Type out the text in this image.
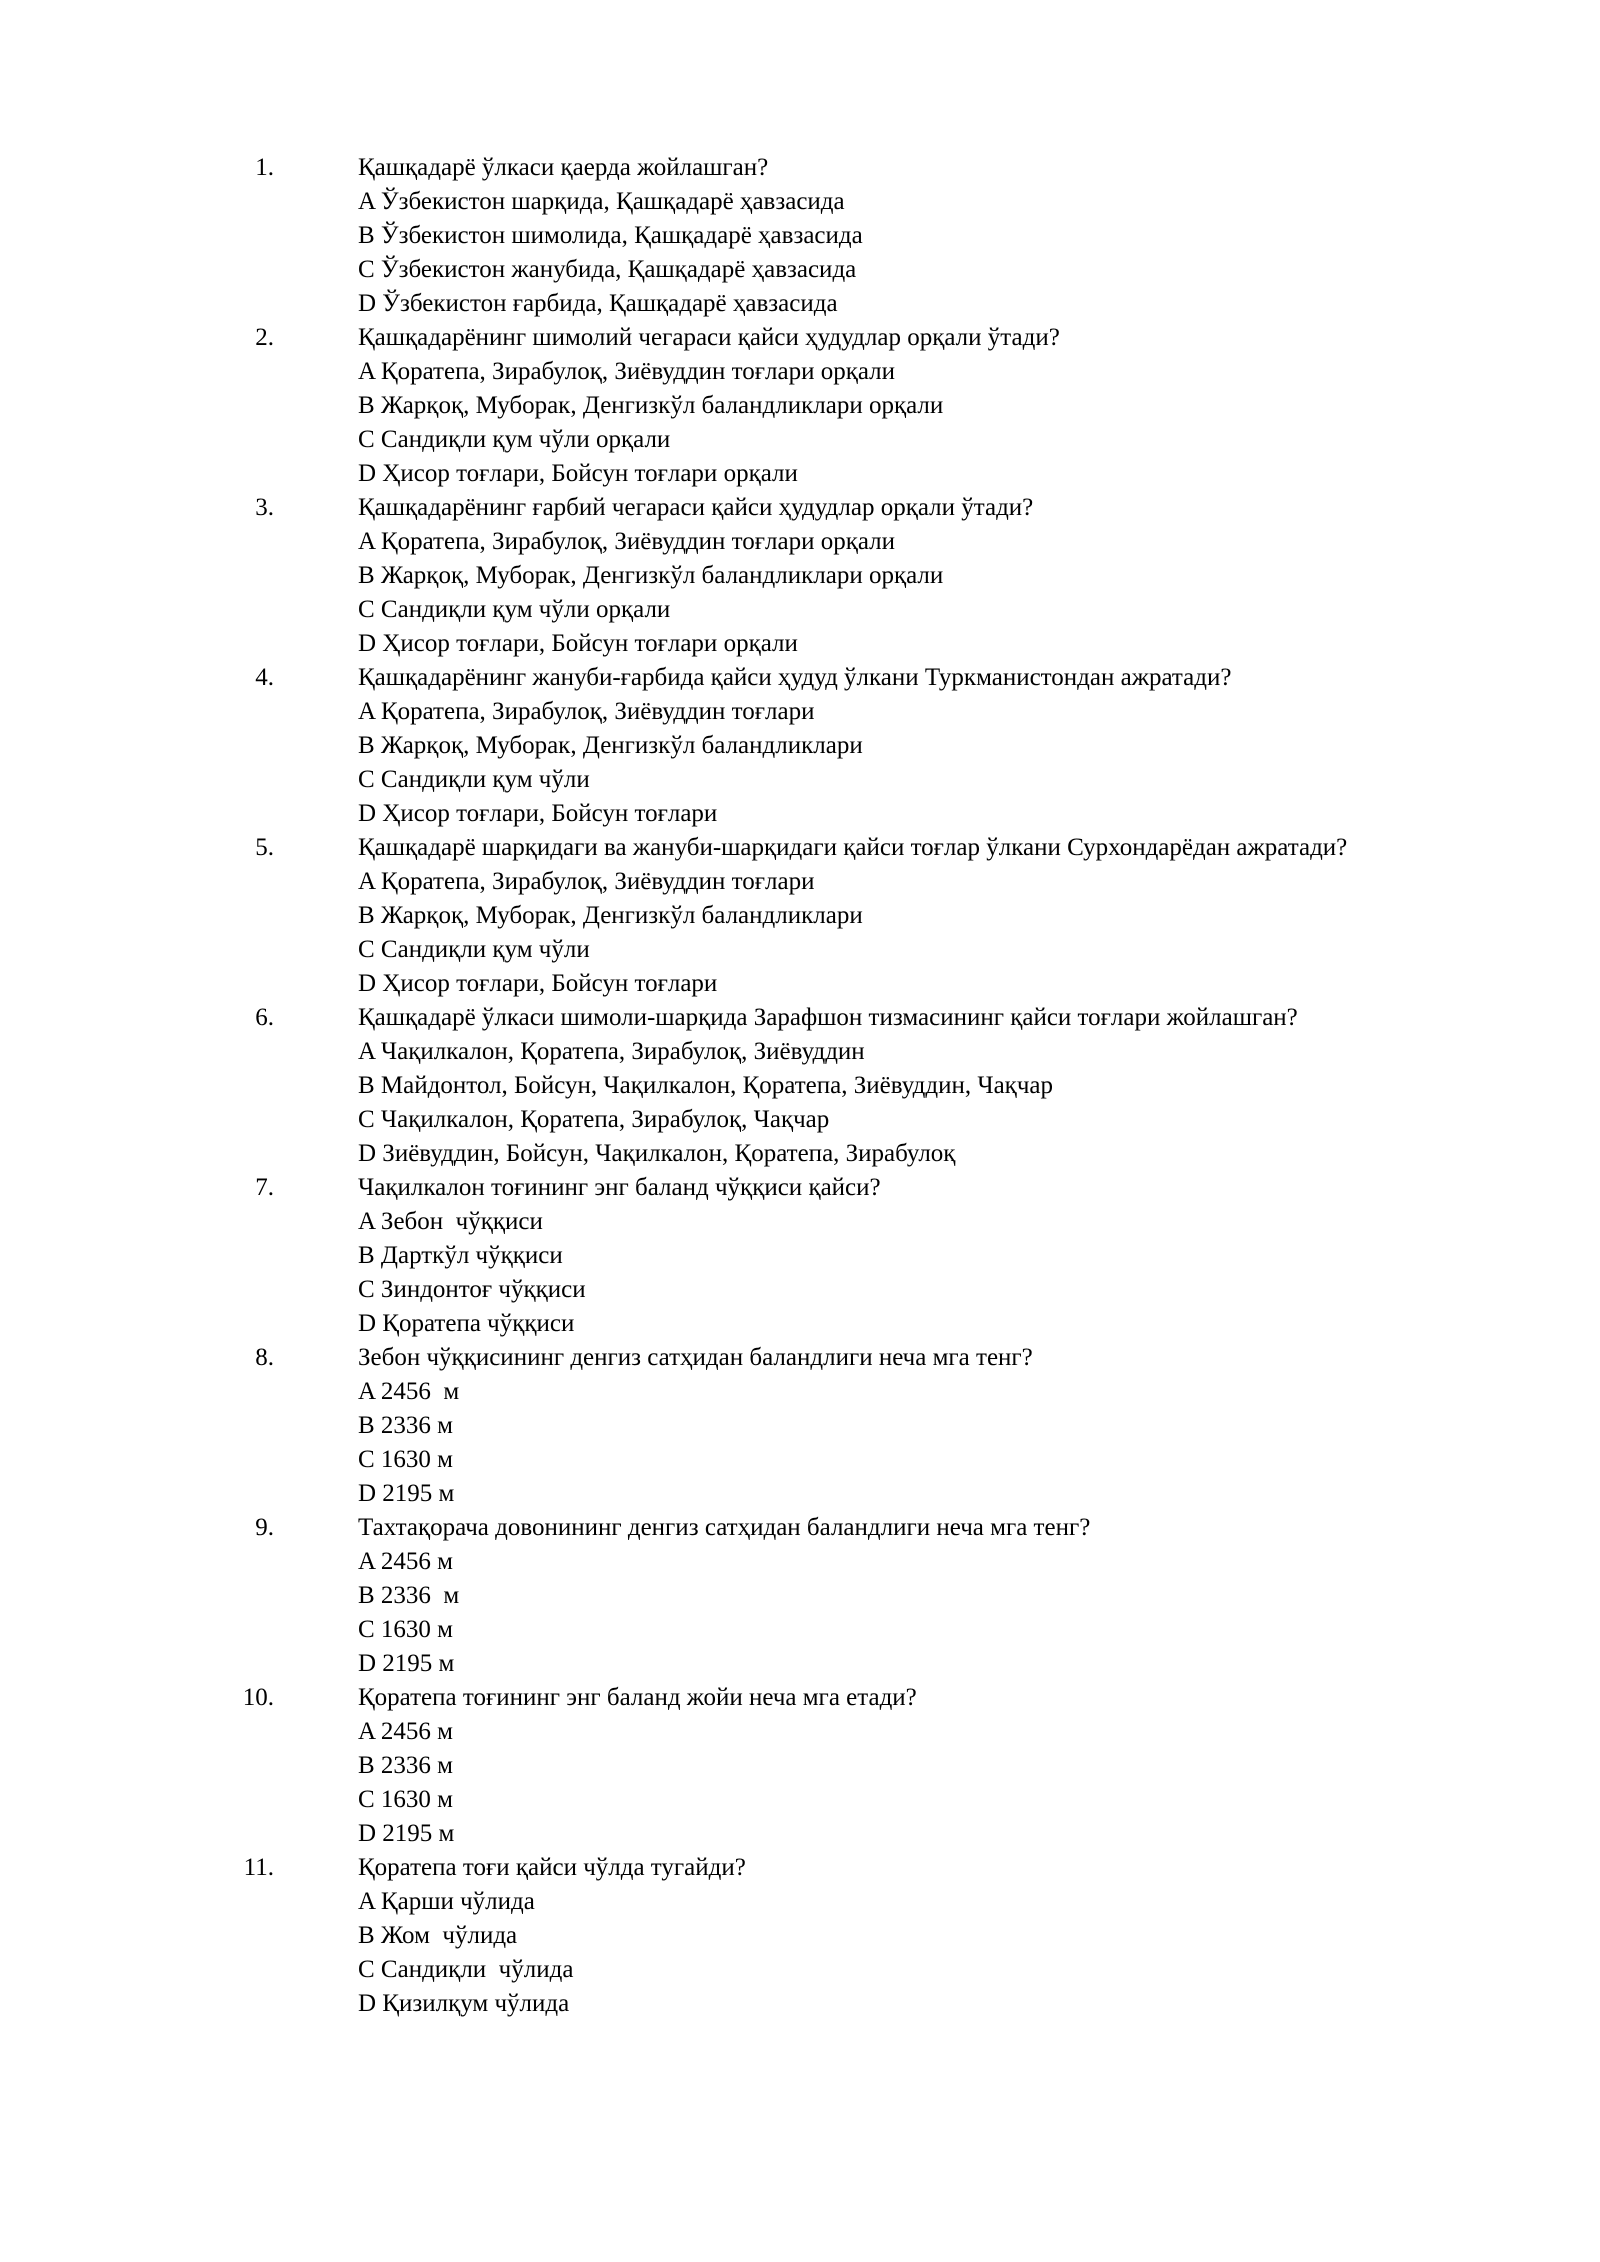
1.	Қашқадарё ўлкаси қаерда жойлашган?
A Ўзбекистон шарқида, Қашқадарё ҳавзасида
B Ўзбекистон шимолида, Қашқадарё ҳавзасида
C Ўзбекистон жанубида, Қашқадарё ҳавзасида
D Ўзбекистон ғарбида, Қашқадарё ҳавзасида
2.	Қашқадарёнинг шимолий чегараси қайси ҳудудлар орқали ўтади?
A Қоратепа, Зирабулоқ, Зиёвуддин тоғлари орқали
B Жарқоқ, Муборак, Денгизкўл баландликлари орқали
C Сандиқли қум чўли орқали
D Ҳисор тоғлари, Бойсун тоғлари орқали
3.	Қашқадарёнинг ғарбий чегараси қайси ҳудудлар орқали ўтади?
A Қоратепа, Зирабулоқ, Зиёвуддин тоғлари орқали
B Жарқоқ, Муборак, Денгизкўл баландликлари орқали
C Сандиқли қум чўли орқали
D Ҳисор тоғлари, Бойсун тоғлари орқали
4.	Қашқадарёнинг жануби-ғарбида қайси ҳудуд ўлкани Туркманистондан ажратади?
A Қоратепа, Зирабулоқ, Зиёвуддин тоғлари
B Жарқоқ, Муборак, Денгизкўл баландликлари
C Сандиқли қум чўли
D Ҳисор тоғлари, Бойсун тоғлари
5.	Қашқадарё шарқидаги ва жануби-шарқидаги қайси тоғлар ўлкани Сурхондарёдан ажратади?
A Қоратепа, Зирабулоқ, Зиёвуддин тоғлари
B Жарқоқ, Муборак, Денгизкўл баландликлари
C Сандиқли қум чўли
D Ҳисор тоғлари, Бойсун тоғлари
6.	Қашқадарё ўлкаси шимоли-шарқида Зарафшон тизмасининг қайси тоғлари жойлашган?
A Чақилкалон, Қоратепа, Зирабулоқ, Зиёвуддин
B Майдонтол, Бойсун, Чақилкалон, Қоратепа, Зиёвуддин, Чақчар
C Чақилкалон, Қоратепа, Зирабулоқ, Чақчар
D Зиёвуддин, Бойсун, Чақилкалон, Қоратепа, Зирабулоқ
7.	Чақилкалон тоғининг энг баланд чўққиси қайси?
A Зебон  чўққиси
B Дарткўл чўққиси
C Зиндонтоғ чўққиси
D Қоратепа чўққиси
8.	Зебон чўққисининг денгиз сатҳидан баландлиги неча мга тенг?
A 2456  м
B 2336 м
C 1630 м
D 2195 м
9.	Тахтақорача довонининг денгиз сатҳидан баландлиги неча мга тенг?
A 2456 м
B 2336  м
C 1630 м
D 2195 м
10.	Қоратепа тоғининг энг баланд жойи неча мга етади?
A 2456 м
B 2336 м
C 1630 м
D 2195 м
11.	Қоратепа тоғи қайси чўлда тугайди?
A Қарши чўлида
B Жом  чўлида
C Сандиқли  чўлида
D Қизилқум чўлида
